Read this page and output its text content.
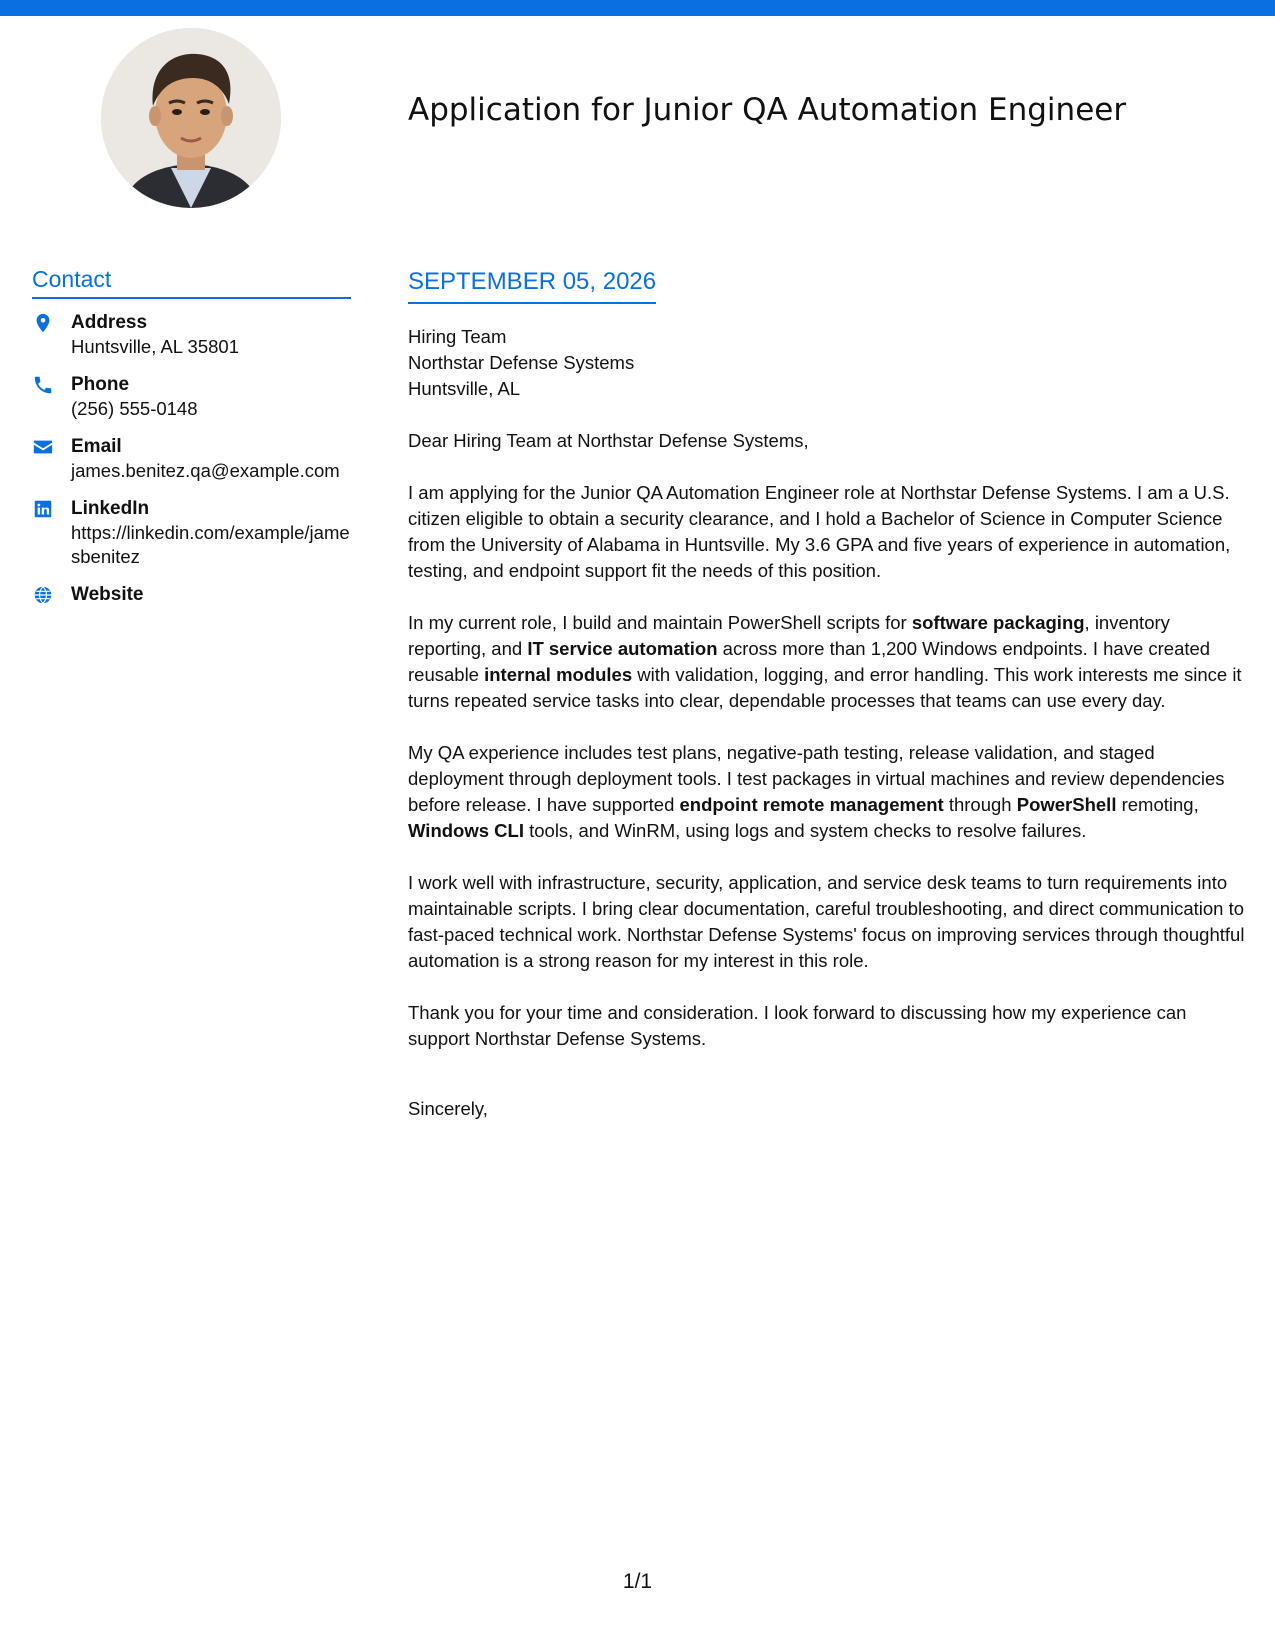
Application for Junior QA Automation Engineer
Contact
Address
Huntsville, AL 35801
Phone
(256) 555-0148
Email
james.benitez.qa@example.com
LinkedIn
https://linkedin.com/example/jamesbenitez
Website
SEPTEMBER 05, 2026
Hiring Team
Northstar Defense Systems
Huntsville, AL

Dear Hiring Team at Northstar Defense Systems,

I am applying for the Junior QA Automation Engineer role at Northstar Defense Systems. I am a U.S. citizen eligible to obtain a security clearance, and I hold a Bachelor of Science in Computer Science from the University of Alabama in Huntsville. My 3.6 GPA and five years of experience in automation, testing, and endpoint support fit the needs of this position.

In my current role, I build and maintain PowerShell scripts for software packaging, inventory reporting, and IT service automation across more than 1,200 Windows endpoints. I have created reusable internal modules with validation, logging, and error handling. This work interests me since it turns repeated service tasks into clear, dependable processes that teams can use every day.

My QA experience includes test plans, negative-path testing, release validation, and staged deployment through deployment tools. I test packages in virtual machines and review dependencies before release. I have supported endpoint remote management through PowerShell remoting, Windows CLI tools, and WinRM, using logs and system checks to resolve failures.

I work well with infrastructure, security, application, and service desk teams to turn requirements into maintainable scripts. I bring clear documentation, careful troubleshooting, and direct communication to fast-paced technical work. Northstar Defense Systems' focus on improving services through thoughtful automation is a strong reason for my interest in this role.

Thank you for your time and consideration. I look forward to discussing how my experience can support Northstar Defense Systems.

Sincerely,
1/1
